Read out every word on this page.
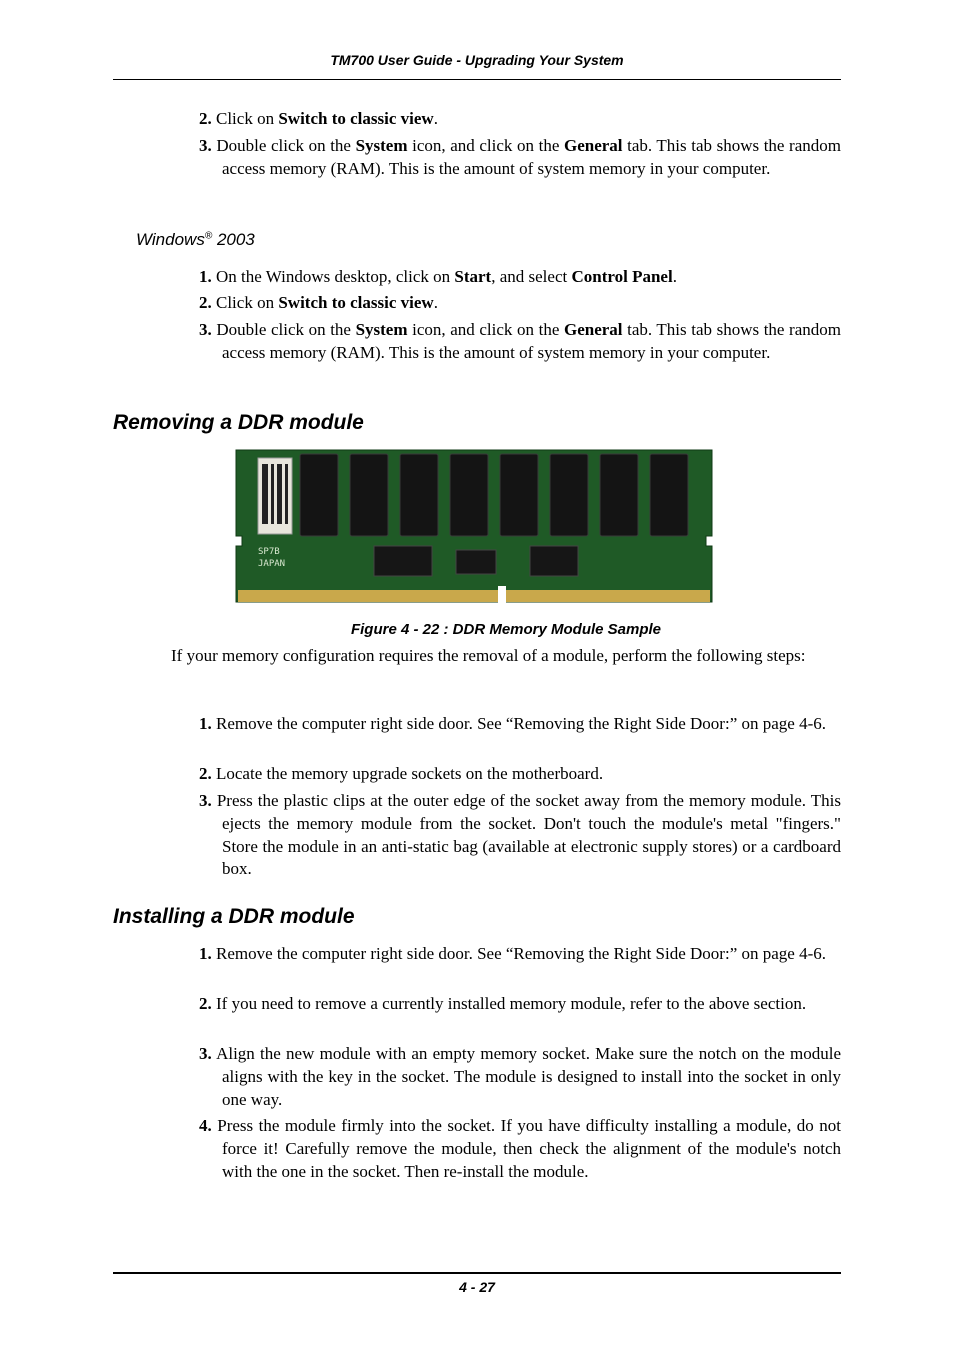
TM700 User Guide - Upgrading Your System
2. Click on Switch to classic view.
3. Double click on the System icon, and click on the General tab. This tab shows the random access memory (RAM). This is the amount of system memory in your computer.
Windows® 2003
1. On the Windows desktop, click on Start, and select Control Panel.
2. Click on Switch to classic view.
3. Double click on the System icon, and click on the General tab. This tab shows the random access memory (RAM). This is the amount of system memory in your computer.
Removing a DDR module
SP7B
JAPAN
Figure 4 - 22 : DDR Memory Module Sample
If your memory configuration requires the removal of a module, perform the following steps:
1. Remove the computer right side door. See “Removing the Right Side Door:” on page 4-6.
2. Locate the memory upgrade sockets on the motherboard.
3. Press the plastic clips at the outer edge of the socket away from the memory module. This ejects the memory module from the socket. Don't touch the module's metal "fingers." Store the module in an anti-static bag (available at electronic supply stores) or a cardboard box.
Installing a DDR module
1. Remove the computer right side door. See “Removing the Right Side Door:” on page 4-6.
2. If you need to remove a currently installed memory module, refer to the above section.
3. Align the new module with an empty memory socket. Make sure the notch on the module aligns with the key in the socket. The module is designed to install into the socket in only one way.
4. Press the module firmly into the socket. If you have difficulty installing a module, do not force it! Carefully remove the module, then check the alignment of the module's notch with the one in the socket. Then re-install the module.
4 - 27
